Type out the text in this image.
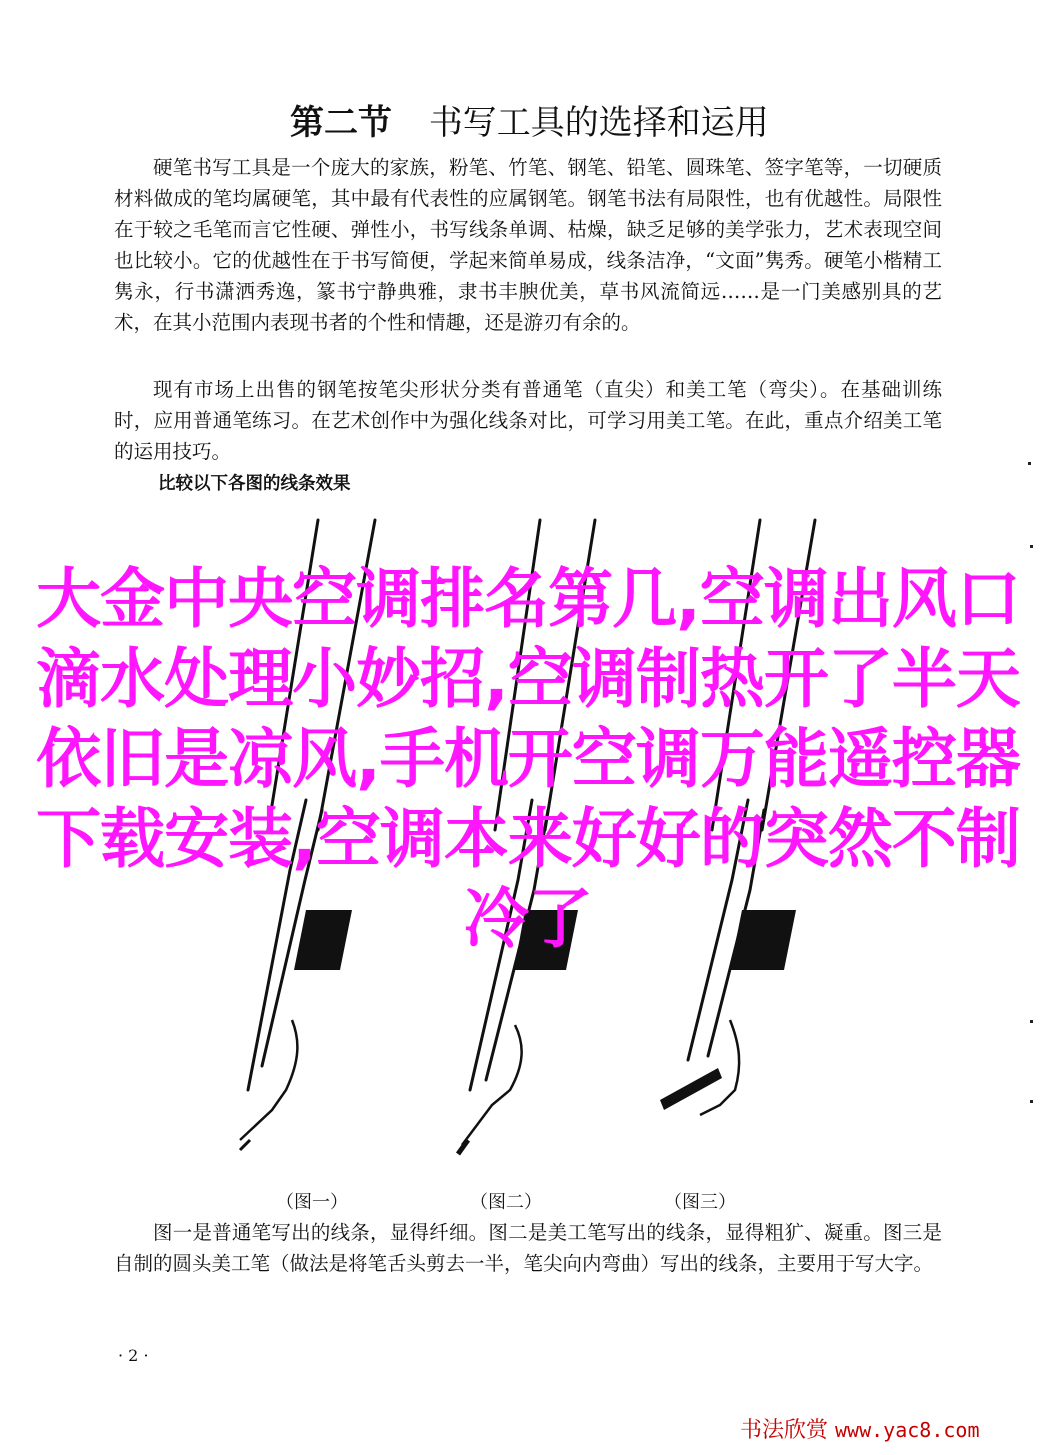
第二节 书写工具的选择和运用

硬笔书写工具是一个庞大的家族，粉笔、竹笔、钢笔、铅笔、圆珠笔、签字笔等，一切硬质材料做成的笔均属硬笔，其中最有代表性的应属钢笔。钢笔书法有局限性，也有优越性。局限性在于较之毛笔而言它性硬、弹性小，书写线条单调、枯燥，缺乏足够的美学张力，艺术表现空间也比较小。它的优越性在于书写简便，学起来简单易成，线条洁净，“文面”隽秀。硬笔小楷精工隽永，行书潇洒秀逸，篆书宁静典雅，隶书丰腴优美，草书风流简远……是一门美感别具的艺术，在其小范围内表现书者的个性和情趣，还是游刃有余的。

现有市场上出售的钢笔按笔尖形状分类有普通笔（直尖）和美工笔（弯尖）。在基础训练时，应用普通笔练习。在艺术创作中为强化线条对比，可学习用美工笔。在此，重点介绍美工笔的运用技巧。

比较以下各图的线条效果
（图一）	（图二）	（图三）

图一是普通笔写出的线条，显得纤细。图二是美工笔写出的线条，显得粗犷、凝重。图三是自制的圆头美工笔（做法是将笔舌头剪去一半，笔尖向内弯曲）写出的线条，主要用于写大字。

· 2 ·
大金中央空调排名第几,空调出风口滴水处理小妙招,空调制热开了半天依旧是凉风,手机开空调万能遥控器下载安装,空调本来好好的突然不制冷了
书法欣赏 www.yac8.com
